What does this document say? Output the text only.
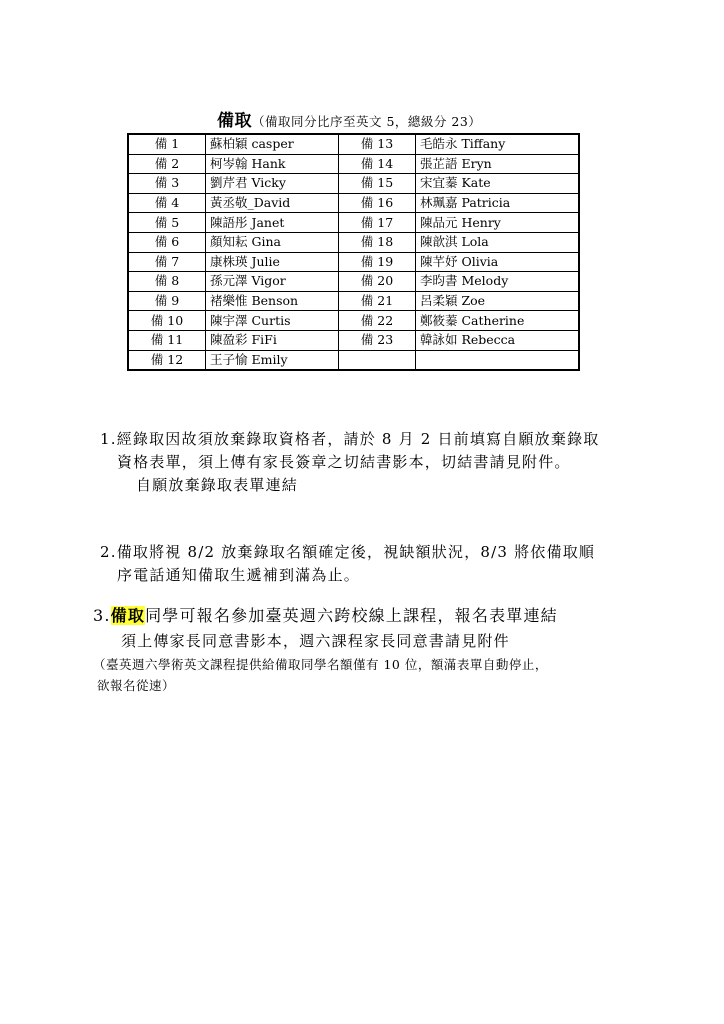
備取（備取同分比序至英文 5，總級分 23）
備 1	蘇柏穎 casper	備 13	毛皓永 Tiffany
備 2	柯岑翰 Hank	備 14	張芷語 Eryn
備 3	劉芹君 Vicky	備 15	宋宜蓁 Kate
備 4	黃丞敬_David	備 16	林珮嘉 Patricia
備 5	陳語彤 Janet	備 17	陳品元 Henry
備 6	顏知耘 Gina	備 18	陳歆淇 Lola
備 7	康株瑛 Julie	備 19	陳芊妤 Olivia
備 8	孫元澤 Vigor	備 20	李昀書 Melody
備 9	褚樂惟 Benson	備 21	呂柔穎 Zoe
備 10	陳宇澤 Curtis	備 22	鄭筱蓁 Catherine
備 11	陳盈彩 FiFi	備 23	韓詠如 Rebecca
備 12	王子愉 Emily		
1.經錄取因故須放棄錄取資格者，請於 8 月 2 日前填寫自願放棄錄取
資格表單，須上傳有家長簽章之切結書影本，切結書請見附件。
自願放棄錄取表單連結
2.備取將視 8/2 放棄錄取名額確定後，視缺額狀況，8/3 將依備取順
序電話通知備取生遞補到滿為止。
3.備取同學可報名參加臺英週六跨校線上課程，報名表單連結
須上傳家長同意書影本，週六課程家長同意書請見附件
（臺英週六學術英文課程提供給備取同學名額僅有 10 位，額滿表單自動停止，
欲報名從速）
